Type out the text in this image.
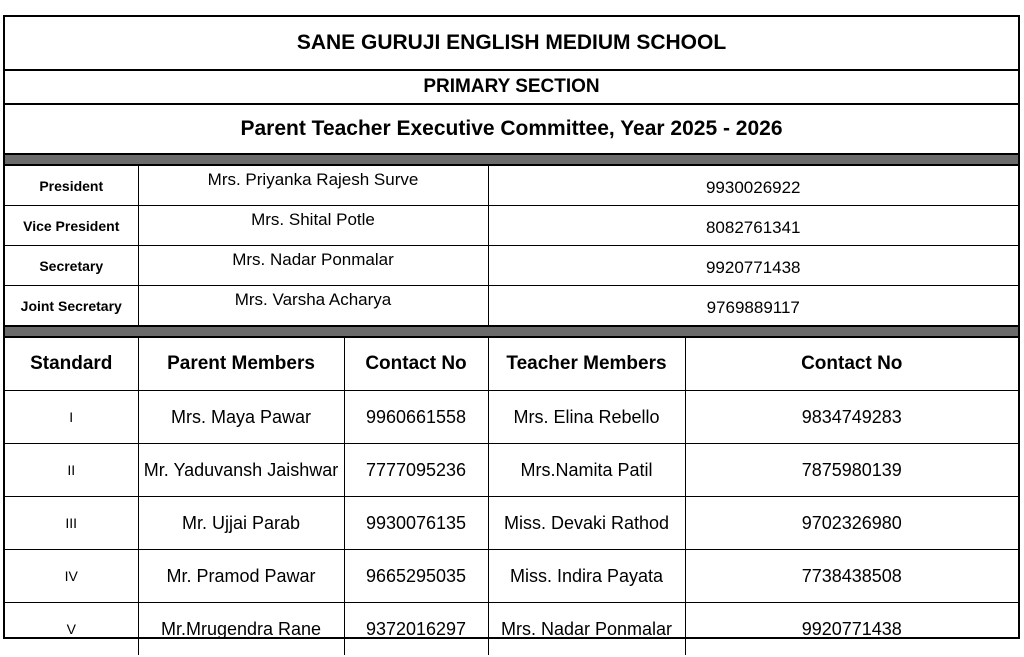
SANE GURUJI ENGLISH MEDIUM SCHOOL
PRIMARY SECTION
Parent Teacher Executive Committee, Year 2025 - 2026
President	Mrs. Priyanka Rajesh Surve	9930026922
Vice President	Mrs. Shital Potle	8082761341
Secretary	Mrs. Nadar Ponmalar	9920771438
Joint Secretary	Mrs. Varsha Acharya	9769889117
Standard	Parent Members	Contact No	Teacher Members	Contact No
I	Mrs. Maya Pawar	9960661558	Mrs. Elina Rebello	9834749283
II	Mr. Yaduvansh Jaishwar	7777095236	Mrs.Namita Patil	7875980139
III	Mr. Ujjai Parab	9930076135	Miss. Devaki Rathod	9702326980
IV	Mr. Pramod Pawar	9665295035	Miss. Indira Payata	7738438508
V	Mr.Mrugendra Rane	9372016297	Mrs. Nadar Ponmalar	9920771438
